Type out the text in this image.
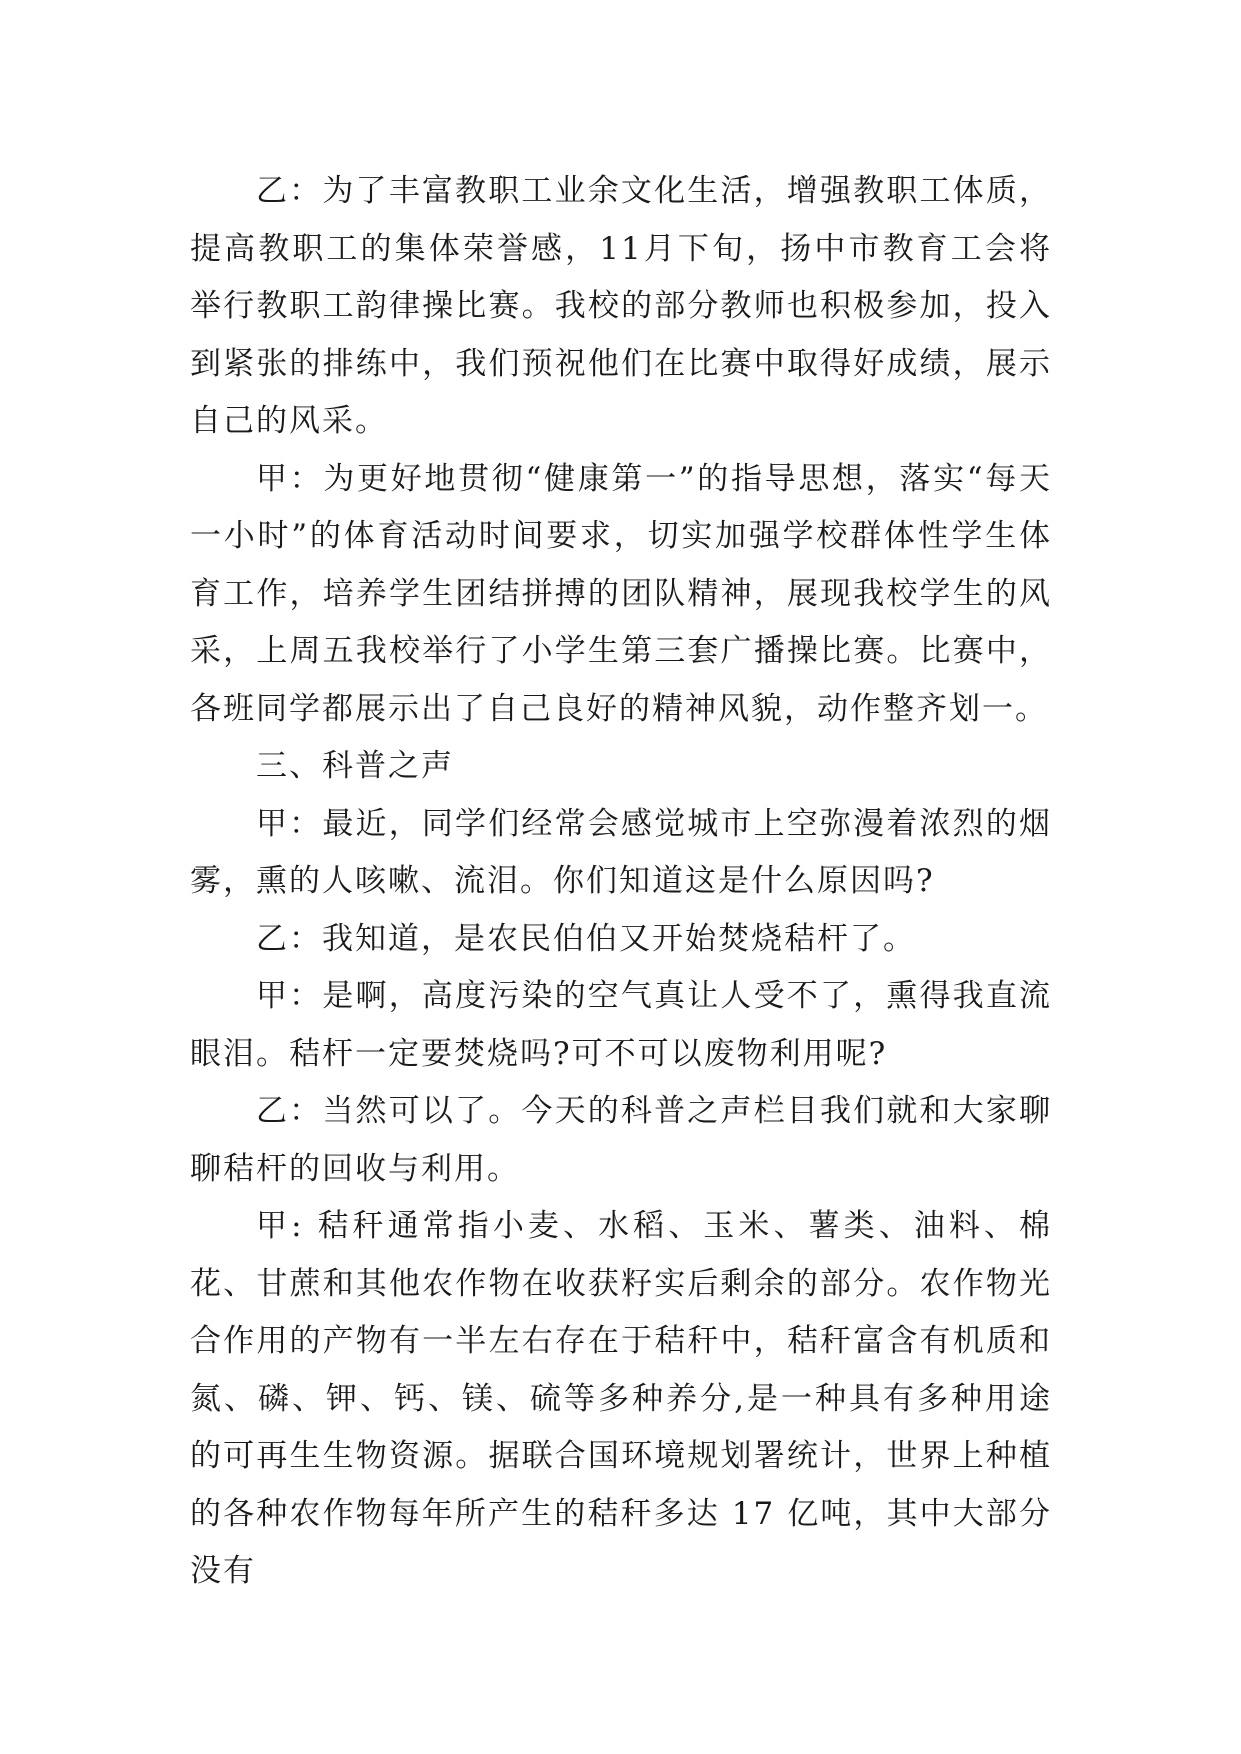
乙：为了丰富教职工业余文化生活，增强教职工体质，提高教职工的集体荣誉感，11月下旬，扬中市教育工会将举行教职工韵律操比赛。我校的部分教师也积极参加，投入到紧张的排练中，我们预祝他们在比赛中取得好成绩，展示自己的风采。

甲：为更好地贯彻“健康第一”的指导思想，落实“每天一小时”的体育活动时间要求，切实加强学校群体性学生体育工作，培养学生团结拼搏的团队精神，展现我校学生的风采，上周五我校举行了小学生第三套广播操比赛。比赛中，各班同学都展示出了自己良好的精神风貌，动作整齐划一。

三、科普之声

甲：最近，同学们经常会感觉城市上空弥漫着浓烈的烟雾，熏的人咳嗽、流泪。你们知道这是什么原因吗?

乙：我知道，是农民伯伯又开始焚烧秸杆了。

甲：是啊，高度污染的空气真让人受不了，熏得我直流眼泪。秸杆一定要焚烧吗?可不可以废物利用呢?

乙：当然可以了。今天的科普之声栏目我们就和大家聊聊秸杆的回收与利用。

甲: 秸秆通常指小麦、水稻、玉米、薯类、油料、棉花、甘蔗和其他农作物在收获籽实后剩余的部分。农作物光合作用的产物有一半左右存在于秸秆中，秸秆富含有机质和氮、磷、钾、钙、镁、硫等多种养分,是一种具有多种用途的可再生生物资源。据联合国环境规划署统计，世界上种植的各种农作物每年所产生的秸秆多达 17 亿吨，其中大部分没有
